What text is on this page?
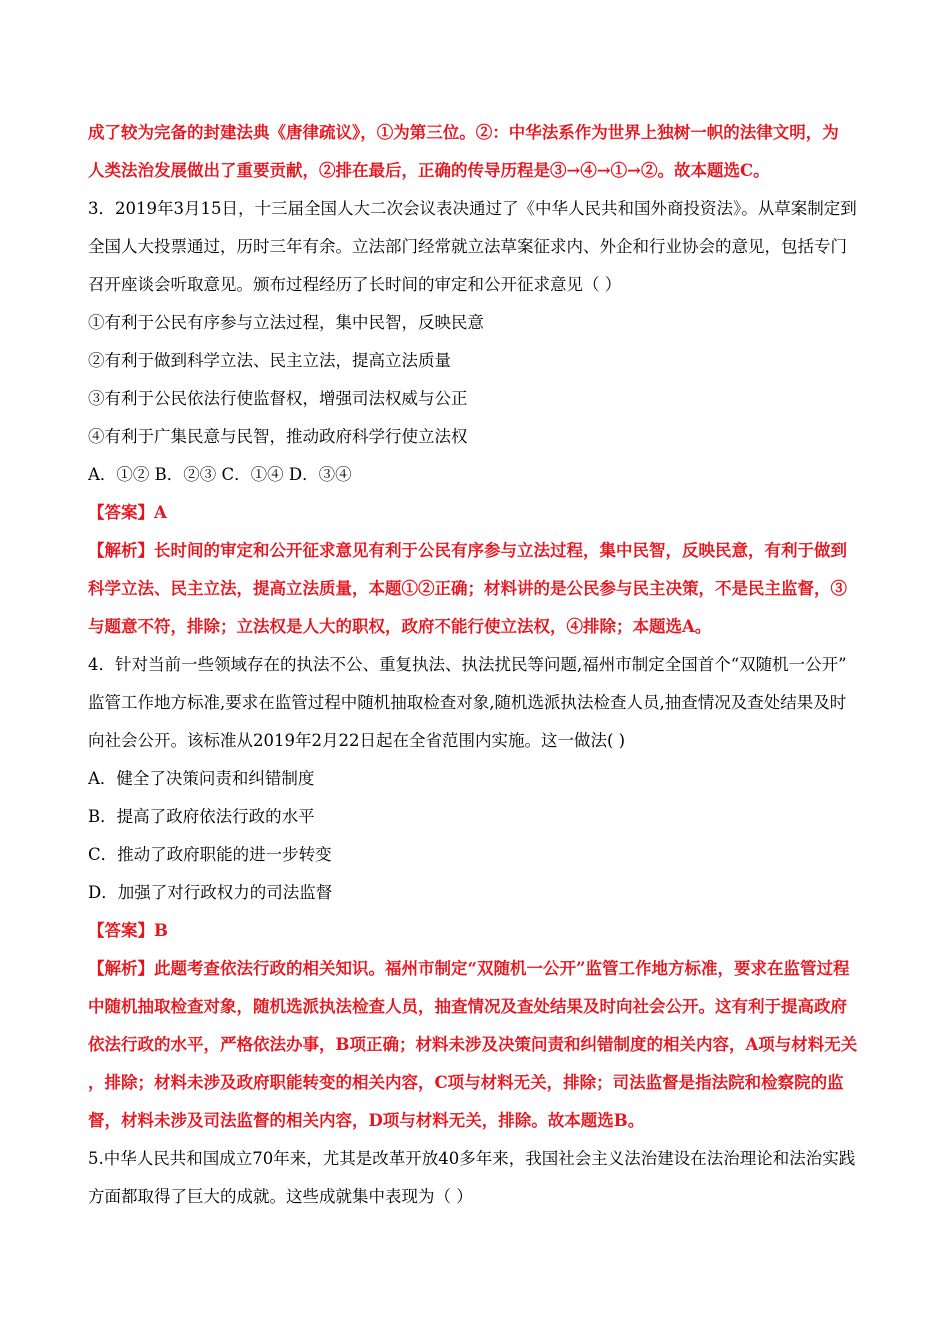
成了较为完备的封建法典《唐律疏议》，①为第三位。②：中华法系作为世界上独树一帜的法律文明，为
人类法治发展做出了重要贡献，②排在最后，正确的传导历程是③→④→①→②。故本题选C。
3．2019年3月15日，十三届全国人大二次会议表决通过了《中华人民共和国外商投资法》。从草案制定到
全国人大投票通过，历时三年有余。立法部门经常就立法草案征求内、外企和行业协会的意见，包括专门
召开座谈会听取意见。颁布过程经历了长时间的审定和公开征求意见（ ）
①有利于公民有序参与立法过程，集中民智，反映民意
②有利于做到科学立法、民主立法，提高立法质量
③有利于公民依法行使监督权，增强司法权威与公正
④有利于广集民意与民智，推动政府科学行使立法权
A．①② B．②③ C．①④ D．③④
【答案】A
【解析】长时间的审定和公开征求意见有利于公民有序参与立法过程，集中民智，反映民意，有利于做到
科学立法、民主立法，提高立法质量，本题①②正确；材料讲的是公民参与民主决策，不是民主监督，③
与题意不符，排除；立法权是人大的职权，政府不能行使立法权，④排除；本题选A。
4．针对当前一些领域存在的执法不公、重复执法、执法扰民等问题,福州市制定全国首个“双随机一公开”
监管工作地方标准,要求在监管过程中随机抽取检查对象,随机选派执法检查人员,抽查情况及查处结果及时
向社会公开。该标准从2019年2月22日起在全省范围内实施。这一做法( )
A．健全了决策问责和纠错制度
B．提高了政府依法行政的水平
C．推动了政府职能的进一步转变
D．加强了对行政权力的司法监督
【答案】B
【解析】此题考查依法行政的相关知识。福州市制定“双随机一公开”监管工作地方标准，要求在监管过程
中随机抽取检查对象，随机选派执法检查人员，抽查情况及查处结果及时向社会公开。这有利于提高政府
依法行政的水平，严格依法办事，B项正确；材料未涉及决策问责和纠错制度的相关内容，A项与材料无关
，排除；材料未涉及政府职能转变的相关内容，C项与材料无关，排除；司法监督是指法院和检察院的监
督，材料未涉及司法监督的相关内容，D项与材料无关，排除。故本题选B。
5.中华人民共和国成立70年来，尤其是改革开放40多年来，我国社会主义法治建设在法治理论和法治实践
方面都取得了巨大的成就。这些成就集中表现为（ ）
